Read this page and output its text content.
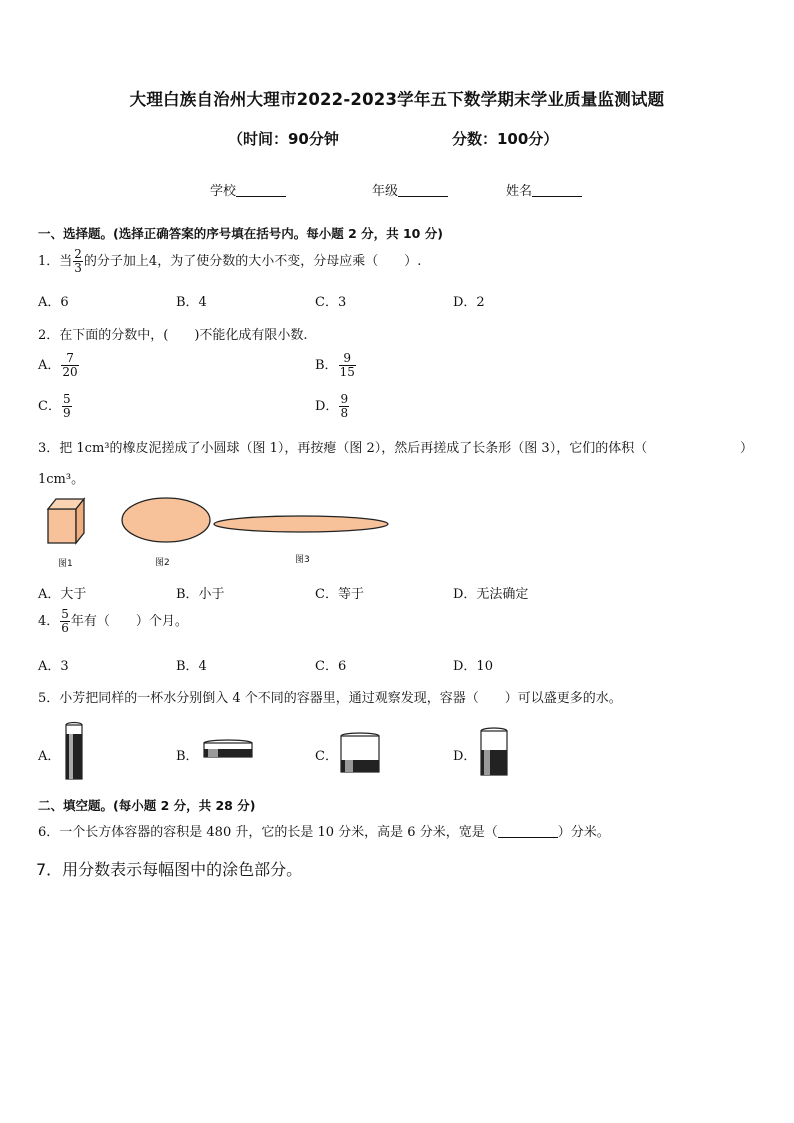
大理白族自治州大理市2022-2023学年五下数学期末学业质量监测试题
（时间：90分钟	分数：100分）
学校	年级	姓名
一、选择题。(选择正确答案的序号填在括号内。每小题 2 分，共 10 分)
1．当 $\frac{2}{3}$ 的分子加上4，为了使分数的大小不变，分母应乘（　　）.
A．6	B．4	C．3	D．2
2．在下面的分数中，(　　)不能化成有限小数.
A． $\frac{7}{20}$	B． $\frac{9}{15}$
C． $\frac{5}{9}$	D． $\frac{9}{8}$
3．把 1cm³的橡皮泥搓成了小圆球（图 1），再按瘪（图 2），然后再搓成了长条形（图 3），它们的体积（	）
1cm³。
图1	图2	图3
A．大于	B．小于	C．等于	D．无法确定
4． $\frac{5}{6}$ 年有（　　）个月。
A．3	B．4	C．6	D．10
5．小芳把同样的一杯水分别倒入 4 个不同的容器里，通过观察发现，容器（　　）可以盛更多的水。
A．	B．	C．	D．
二、填空题。(每小题 2 分，共 28 分)
6．一个长方体容器的容积是 480 升，它的长是 10 分米，高是 6 分米，宽是（	）分米。
7．用分数表示每幅图中的涂色部分。
